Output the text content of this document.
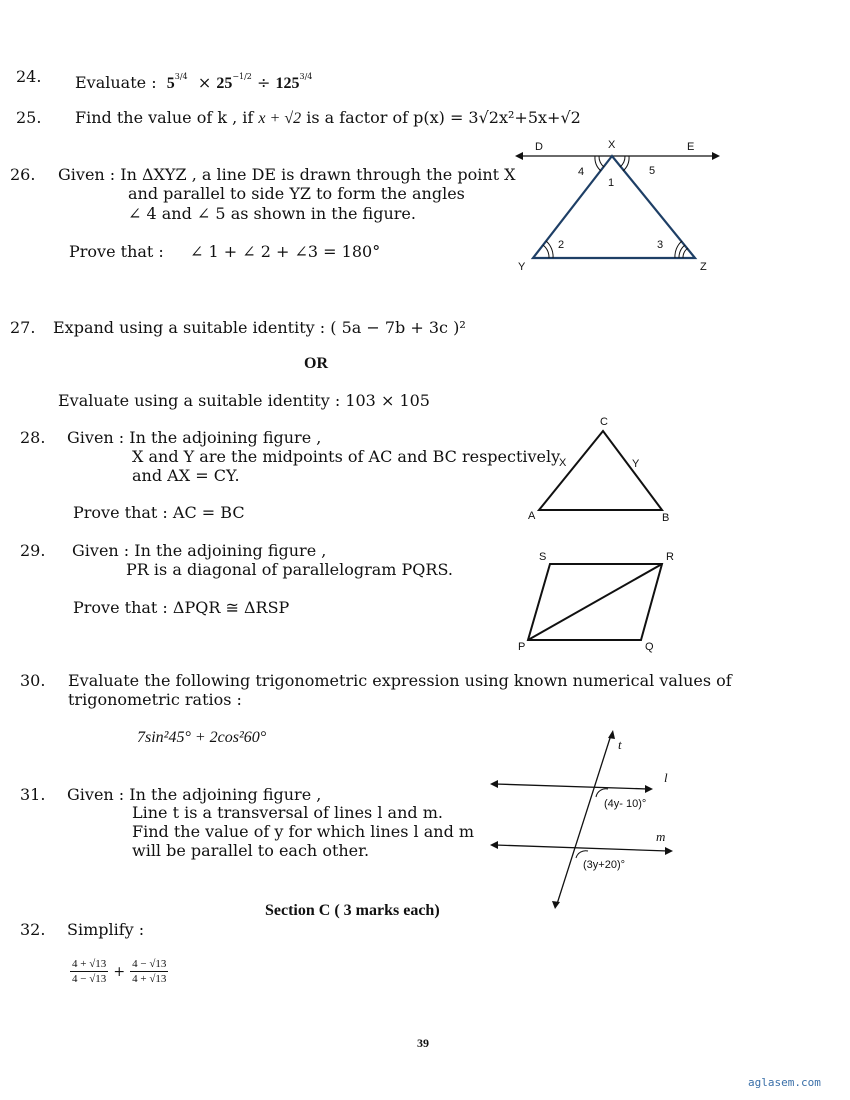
24. Evaluate : $5^{3/4} \times 25^{-1/2} \div 125^{3/4}$
25. Find the value of k , if x + √2 is a factor of p(x) = 3√2x²+5x+√2
26. Given : In ΔXYZ , a line DE is drawn through the point X
and parallel to side YZ to form the angles
∠ 4 and ∠ 5 as shown in the figure.
Prove that : ∠ 1 + ∠ 2 + ∠3 = 180°
D	X	E
4
1
5
2	3
Y	Z
27. Expand using a suitable identity : ( 5a − 7b + 3c )²
OR
Evaluate using a suitable identity : 103 × 105
28. Given : In the adjoining figure ,
X and Y are the midpoints of AC and BC respectively
and AX = CY.
Prove that : AC = BC
C
X	Y
A	B
29. Given : In the adjoining figure ,
PR is a diagonal of parallelogram PQRS.
Prove that : ΔPQR ≅ ΔRSP
S	R
P	Q
30. Evaluate the following trigonometric expression using known numerical values of
trigonometric ratios :
7sin²45° + 2cos²60°
31. Given : In the adjoining figure ,
Line t is a transversal of lines l and m.
Find the value of y for which lines l and m
will be parallel to each other.
t
l
m
(4y- 10)°
(3y+20)°
Section C ( 3 marks each)
32. Simplify :
$\frac{4 + √13}{4 - √13} + \frac{4 - √13}{4 + √13}$
39
aglasem.com
